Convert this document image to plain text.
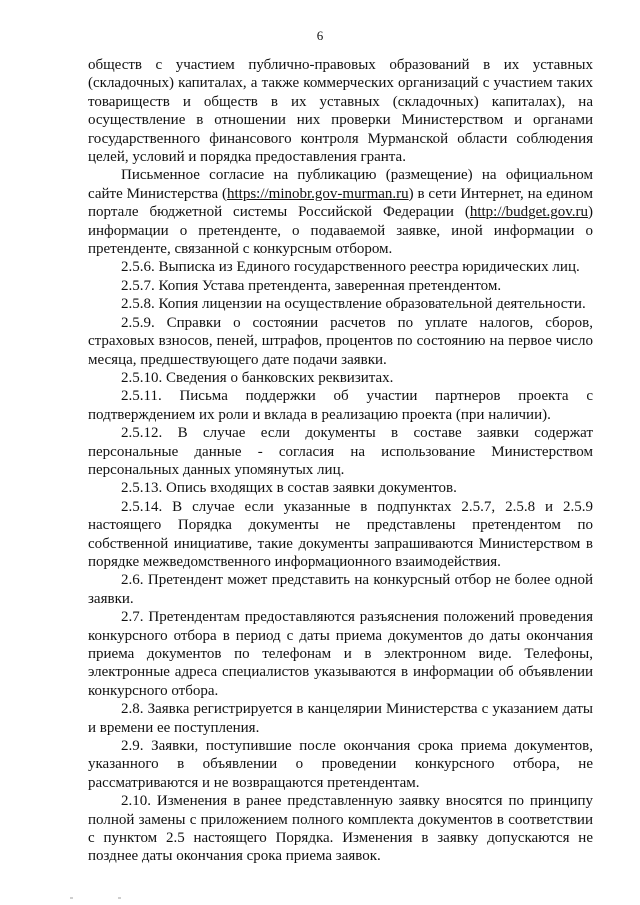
6

обществ с участием публично-правовых образований в их уставных (складочных) капиталах, а также коммерческих организаций с участием таких товариществ и обществ в их уставных (складочных) капиталах), на осуществление в отношении них проверки Министерством и органами государственного финансового контроля Мурманской области соблюдения целей, условий и порядка предоставления гранта.

Письменное согласие на публикацию (размещение) на официальном сайте Министерства (https://minobr.gov-murman.ru) в сети Интернет, на едином портале бюджетной системы Российской Федерации (http://budget.gov.ru) информации о претенденте, о подаваемой заявке, иной информации о претенденте, связанной с конкурсным отбором.

2.5.6. Выписка из Единого государственного реестра юридических лиц.

2.5.7. Копия Устава претендента, заверенная претендентом.

2.5.8. Копия лицензии на осуществление образовательной деятельности.

2.5.9. Справки о состоянии расчетов по уплате налогов, сборов, страховых взносов, пеней, штрафов, процентов по состоянию на первое число месяца, предшествующего дате подачи заявки.

2.5.10. Сведения о банковских реквизитах.

2.5.11. Письма поддержки об участии партнеров проекта с подтверждением их роли и вклада в реализацию проекта (при наличии).

2.5.12. В случае если документы в составе заявки содержат персональные данные - согласия на использование Министерством персональных данных упомянутых лиц.

2.5.13. Опись входящих в состав заявки документов.

2.5.14. В случае если указанные в подпунктах 2.5.7, 2.5.8 и 2.5.9 настоящего Порядка документы не представлены претендентом по собственной инициативе, такие документы запрашиваются Министерством в порядке межведомственного информационного взаимодействия.

2.6. Претендент может представить на конкурсный отбор не более одной заявки.

2.7. Претендентам предоставляются разъяснения положений проведения конкурсного отбора в период с даты приема документов до даты окончания приема документов по телефонам и в электронном виде. Телефоны, электронные адреса специалистов указываются в информации об объявлении конкурсного отбора.

2.8. Заявка регистрируется в канцелярии Министерства с указанием даты и времени ее поступления.

2.9. Заявки, поступившие после окончания срока приема документов, указанного в объявлении о проведении конкурсного отбора, не рассматриваются и не возвращаются претендентам.

2.10. Изменения в ранее представленную заявку вносятся по принципу полной замены с приложением полного комплекта документов в соответствии с пунктом 2.5 настоящего Порядка. Изменения в заявку допускаются не позднее даты окончания срока приема заявок.
